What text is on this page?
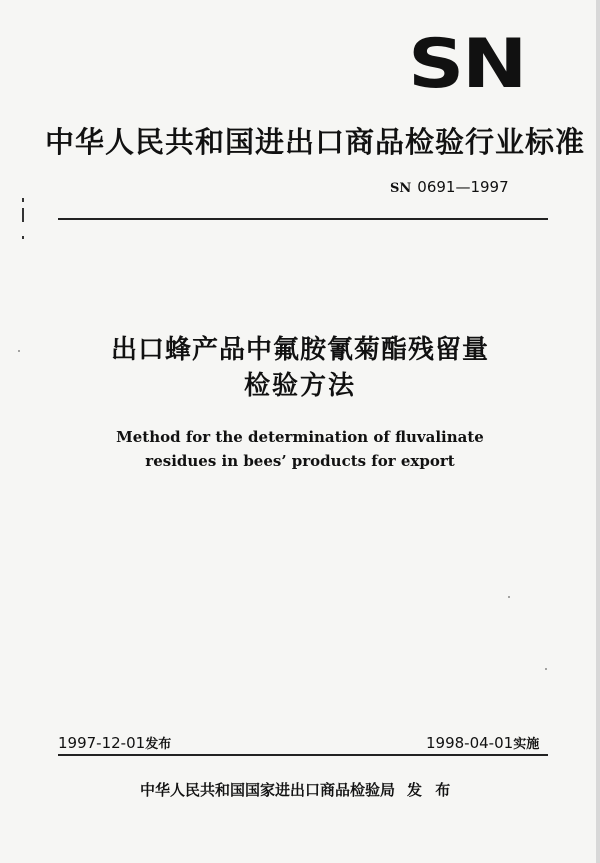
SN
中华人民共和国进出口商品检验行业标准
SN 0691—1997
出口蜂产品中氟胺氰菊酯残留量
检验方法
Method for the determination of fluvalinate
residues in bees’ products for export
1997-12-01发布	1998-04-01实施
中华人民共和国国家进出口商品检验局 发 布
